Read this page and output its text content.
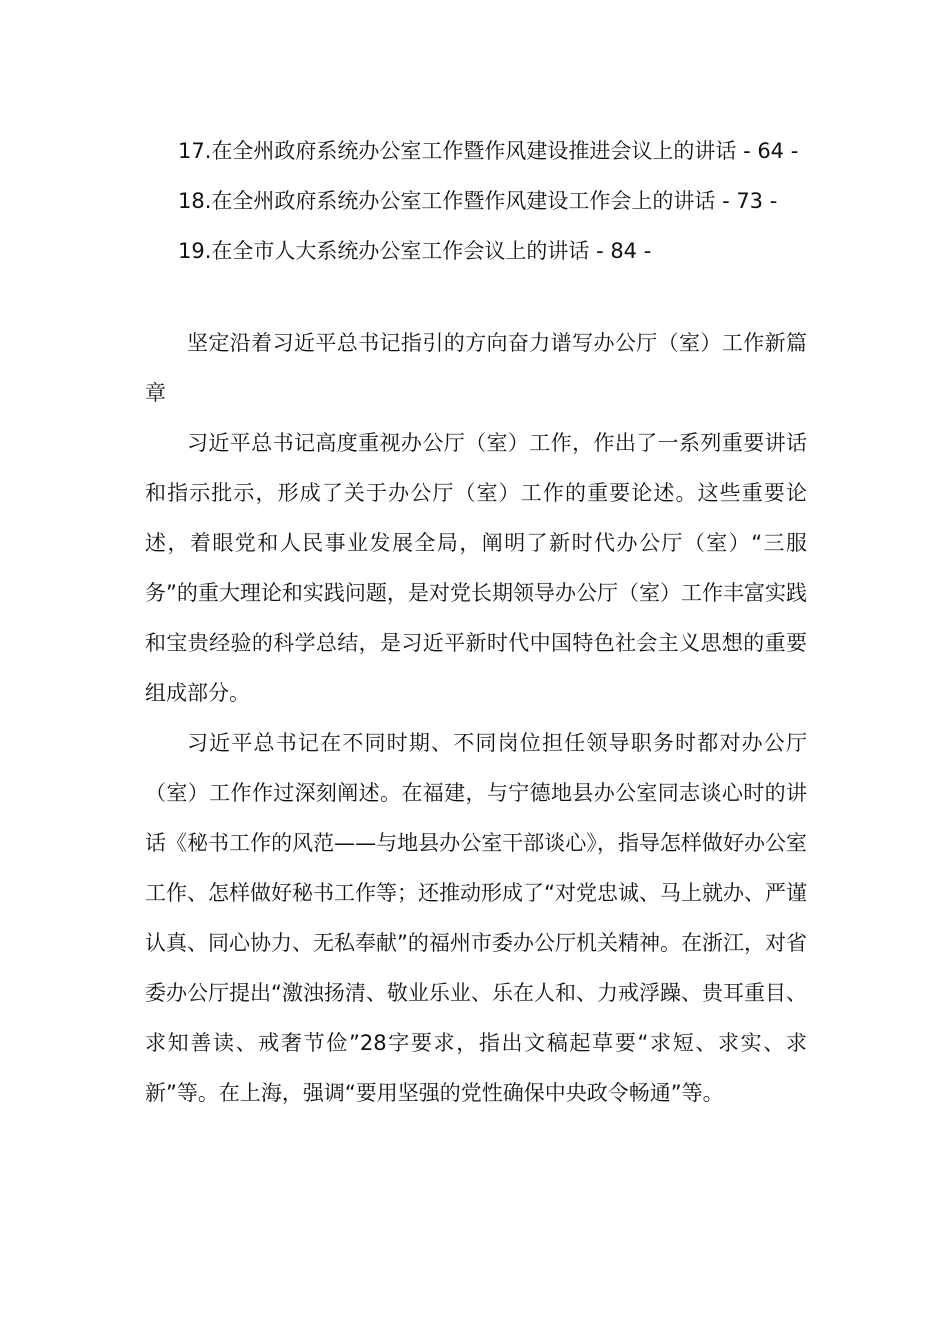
17.在全州政府系统办公室工作暨作风建设推进会议上的讲话 - 64 -

18.在全州政府系统办公室工作暨作风建设工作会上的讲话 - 73 -

19.在全市人大系统办公室工作会议上的讲话 - 84 -

坚定沿着习近平总书记指引的方向奋力谱写办公厅（室）工作新篇章

习近平总书记高度重视办公厅（室）工作，作出了一系列重要讲话和指示批示，形成了关于办公厅（室）工作的重要论述。这些重要论述，着眼党和人民事业发展全局，阐明了新时代办公厅（室）“三服务”的重大理论和实践问题，是对党长期领导办公厅（室）工作丰富实践和宝贵经验的科学总结，是习近平新时代中国特色社会主义思想的重要组成部分。

习近平总书记在不同时期、不同岗位担任领导职务时都对办公厅（室）工作作过深刻阐述。在福建，与宁德地县办公室同志谈心时的讲话《秘书工作的风范——与地县办公室干部谈心》，指导怎样做好办公室工作、怎样做好秘书工作等；还推动形成了“对党忠诚、马上就办、严谨认真、同心协力、无私奉献”的福州市委办公厅机关精神。在浙江，对省委办公厅提出“激浊扬清、敬业乐业、乐在人和、力戒浮躁、贵耳重目、求知善读、戒奢节俭”28字要求，指出文稿起草要“求短、求实、求新”等。在上海，强调“要用坚强的党性确保中央政令畅通”等。
